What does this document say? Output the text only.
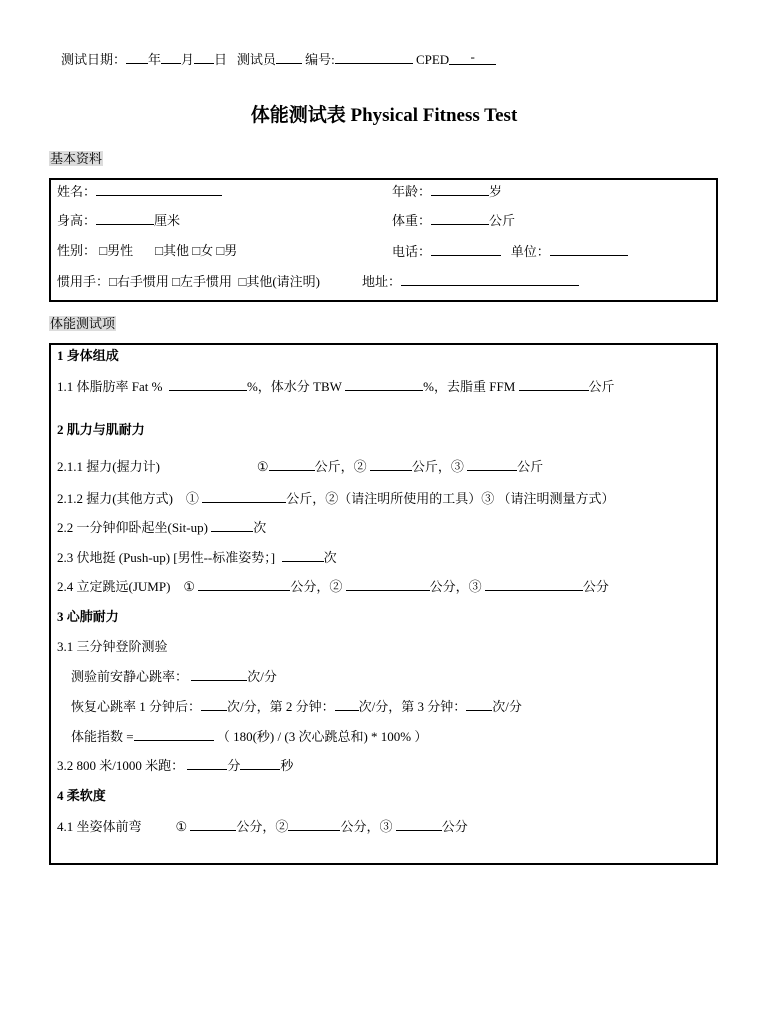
测试日期： 年 月 日 测试员 编号:	CPED -
体能测试表 Physical Fitness Test
基本资料
姓名：	年龄：	岁
身高：	厘米	体重：	公斤
性别： □男性 □其他 □女 □男	电话：	单位：
惯用手：□右手惯用 □左手惯用 □其他(请注明)	地址：
体能测试项
1 身体组成
1.1 体脂肪率 Fat %	%，体水分 TBW	%，去脂重 FFM	公斤
2 肌力与肌耐力
2.1.1 握力(握力计)	①	公斤，②	公斤，③	公斤
2.1.2 握力(其他方式) ①	公斤，②（请注明所使用的工具）③ （请注明测量方式）
2.2 一分钟仰卧起坐(Sit-up)	次
2.3 伏地挺 (Push-up) [男性--标准姿势；]	次
2.4 立定跳远(JUMP) ①	公分，②	公分，③	公分
3 心肺耐力
3.1 三分钟登阶测验
测验前安静心跳率：	次/分
恢复心跳率 1 分钟后： 次/分，第 2 分钟： 次/分，第 3 分钟： 次/分
体能指数 =	（ 180(秒) / (3 次心跳总和) * 100% ）
3.2 800 米/1000 米跑：	分	秒
4 柔软度
4.1 坐姿体前弯	①	公分，②	公分，③	公分
